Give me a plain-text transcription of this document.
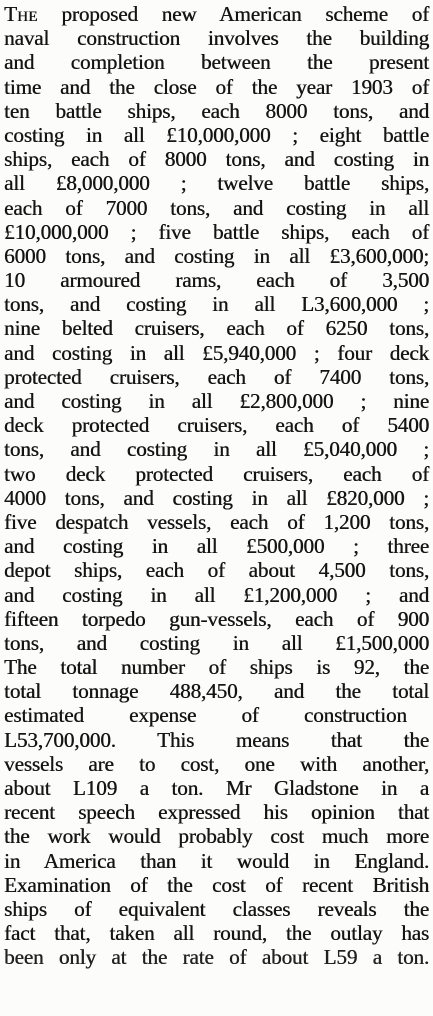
The proposed new American scheme of
naval construction involves the building
and completion between the present
time and the close of the year 1903 of
ten battle ships, each 8000 tons, and
costing in all £10,000,000 ; eight battle
ships, each of 8000 tons, and costing in
all £8,000,000 ; twelve battle ships,
each of 7000 tons, and costing in all
£10,000,000 ; five battle ships, each of
6000 tons, and costing in all £3,600,000;
10 armoured rams, each of 3,500
tons, and costing in all L3,600,000 ;
nine belted cruisers, each of 6250 tons,
and costing in all £5,940,000 ; four deck
protected cruisers, each of 7400 tons,
and costing in all £2,800,000 ; nine
deck protected cruisers, each of 5400
tons, and costing in all £5,040,000 ;
two deck protected cruisers, each of
4000 tons, and costing in all £820,000 ;
five despatch vessels, each of 1,200 tons,
and costing in all £500,000 ; three
depot ships, each of about 4,500 tons,
and costing in all £1,200,000 ; and
fifteen torpedo gun-vessels, each of 900
tons, and costing in all £1,500,000
The total number of ships is 92, the
total tonnage 488,450, and the total
estimated expense of construction
L53,700,000. This means that the
vessels are to cost, one with another,
about L109 a ton. Mr Gladstone in a
recent speech expressed his opinion that
the work would probably cost much more
in America than it would in England.
Examination of the cost of recent British
ships of equivalent classes reveals the
fact that, taken all round, the outlay has
been only at the rate of about L59 a ton.
